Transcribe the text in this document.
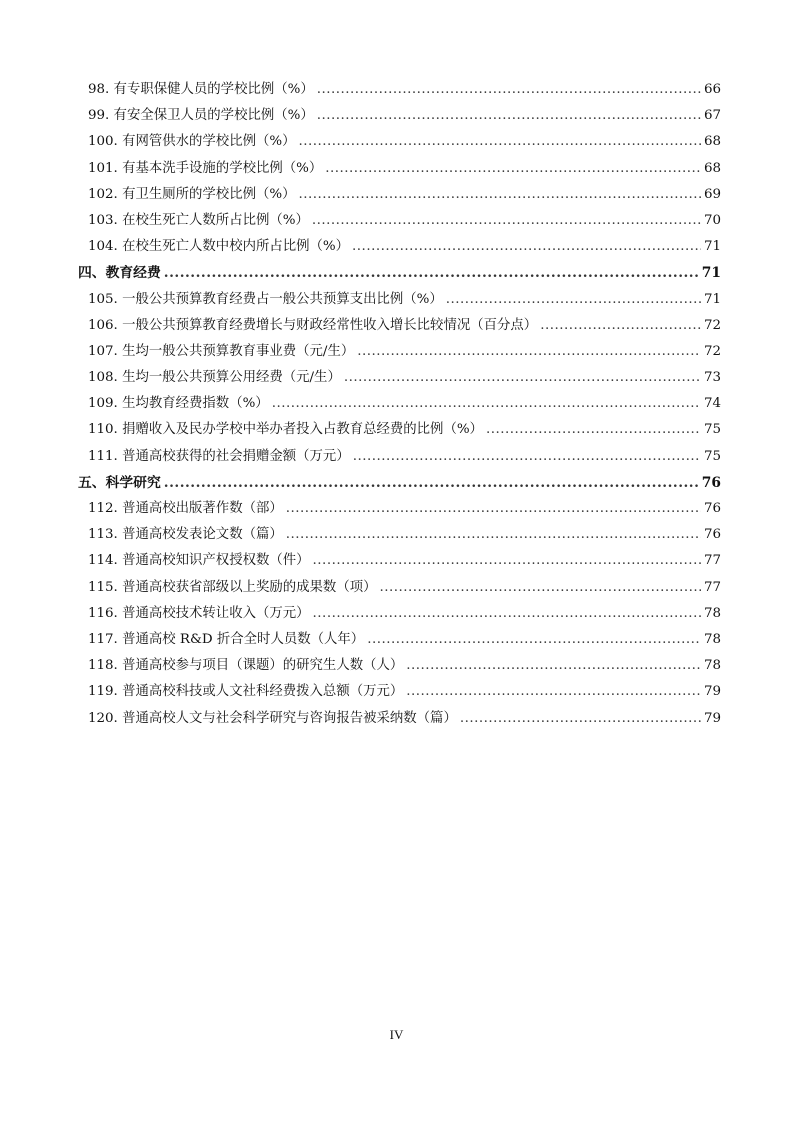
98. 有专职保健人员的学校比例（%） .....	66
99. 有安全保卫人员的学校比例（%） .....	67
100. 有网管供水的学校比例（%） .....	68
101. 有基本洗手设施的学校比例（%） .....	68
102. 有卫生厕所的学校比例（%） .....	69
103. 在校生死亡人数所占比例（%） .....	70
104. 在校生死亡人数中校内所占比例（%） .....	71
四、教育经费 .....	71
105. 一般公共预算教育经费占一般公共预算支出比例（%） .....	71
106. 一般公共预算教育经费增长与财政经常性收入增长比较情况（百分点） .....	72
107. 生均一般公共预算教育事业费（元/生） .....	72
108. 生均一般公共预算公用经费（元/生） .....	73
109. 生均教育经费指数（%） .....	74
110. 捐赠收入及民办学校中举办者投入占教育总经费的比例（%） .....	75
111. 普通高校获得的社会捐赠金额（万元） .....	75
五、科学研究 .....	76
112. 普通高校出版著作数（部） .....	76
113. 普通高校发表论文数（篇） .....	76
114. 普通高校知识产权授权数（件） .....	77
115. 普通高校获省部级以上奖励的成果数（项） .....	77
116. 普通高校技术转让收入（万元） .....	78
117. 普通高校 R&D 折合全时人员数（人年） .....	78
118. 普通高校参与项目（课题）的研究生人数（人） .....	78
119. 普通高校科技或人文社科经费拨入总额（万元） .....	79
120. 普通高校人文与社会科学研究与咨询报告被采纳数（篇） .....	79
IV
